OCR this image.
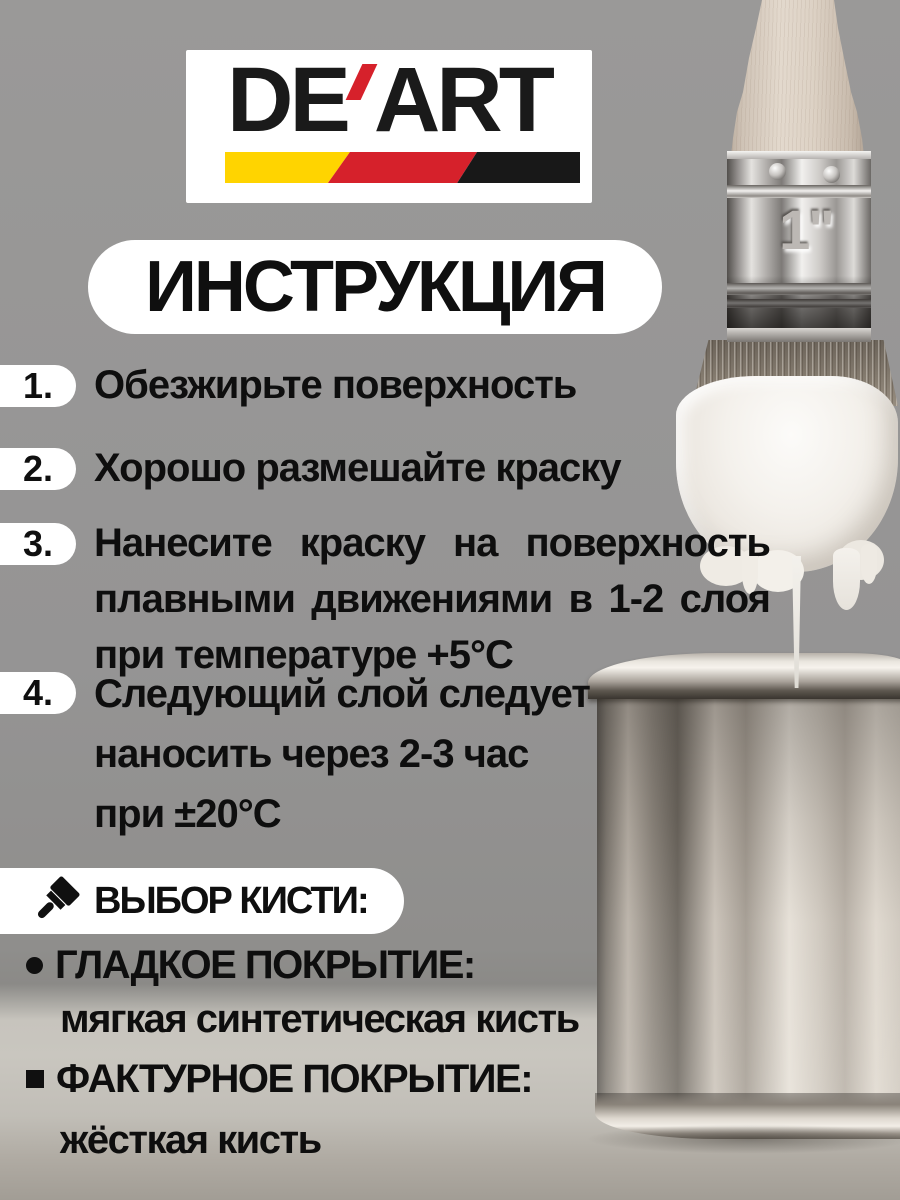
1"
DE ART
ИНСТРУКЦИЯ
1. Обезжирьте поверхность
2. Хорошо размешайте краску
3. Нанесите краску на поверхность
плавными движениями в 1-2 слоя
при температуре +5°C
4. Следующий слой следует
наносить через 2-3 час
при ±20°C
ВЫБОР КИСТИ:
ГЛАДКОЕ ПОКРЫТИЕ:
мягкая синтетическая кисть
ФАКТУРНОЕ ПОКРЫТИЕ:
жёсткая кисть
